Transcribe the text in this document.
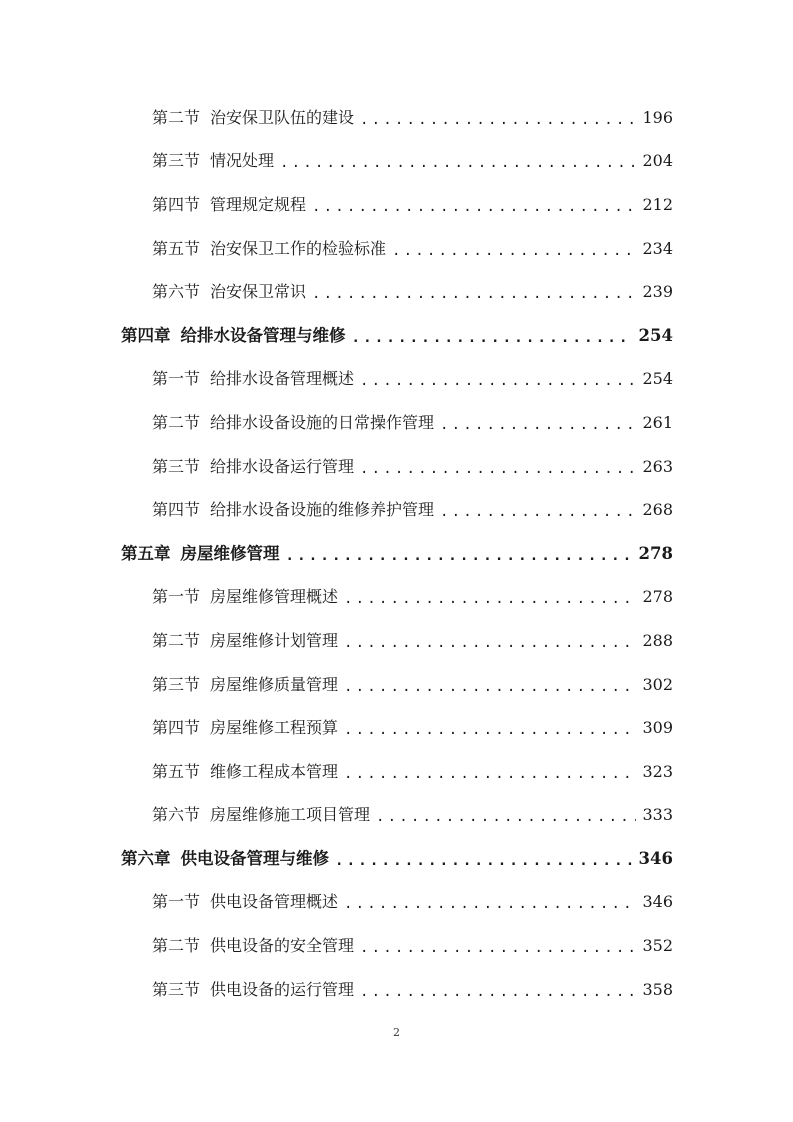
第二节 治安保卫队伍的建设 .....	196
第三节 情况处理 .....	204
第四节 管理规定规程 .....	212
第五节 治安保卫工作的检验标准 .....	234
第六节 治安保卫常识 .....	239
第四章 给排水设备管理与维修 .....	254
第一节 给排水设备管理概述 .....	254
第二节 给排水设备设施的日常操作管理 .....	261
第三节 给排水设备运行管理 .....	263
第四节 给排水设备设施的维修养护管理 .....	268
第五章 房屋维修管理 .....	278
第一节 房屋维修管理概述 .....	278
第二节 房屋维修计划管理 .....	288
第三节 房屋维修质量管理 .....	302
第四节 房屋维修工程预算 .....	309
第五节 维修工程成本管理 .....	323
第六节 房屋维修施工项目管理 .....	333
第六章 供电设备管理与维修 .....	346
第一节 供电设备管理概述 .....	346
第二节 供电设备的安全管理 .....	352
第三节 供电设备的运行管理 .....	358
2
